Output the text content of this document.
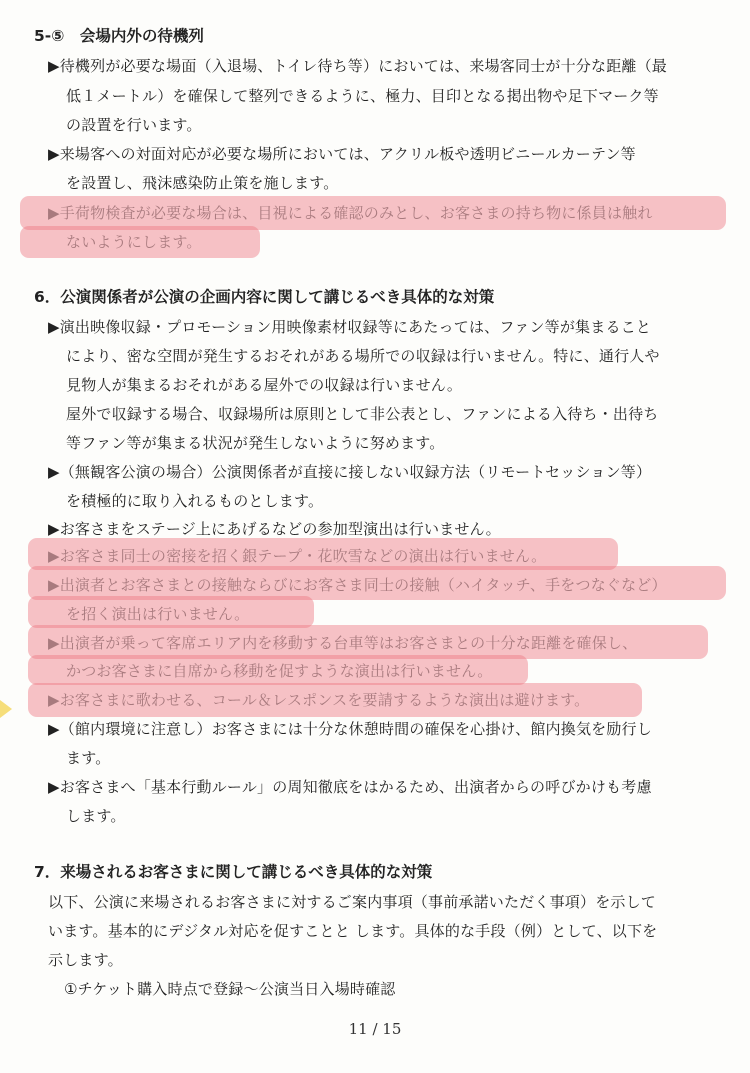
5-⑤　会場内外の待機列
▶待機列が必要な場面（入退場、トイレ待ち等）においては、来場客同士が十分な距離（最
低１メートル）を確保して整列できるように、極力、目印となる掲出物や足下マーク等
の設置を行います。
▶来場客への対面対応が必要な場所においては、アクリル板や透明ビニールカーテン等
を設置し、飛沫感染防止策を施します。
▶手荷物検査が必要な場合は、目視による確認のみとし、お客さまの持ち物に係員は触れ
ないようにします。
6．公演関係者が公演の企画内容に関して講じるべき具体的な対策
▶演出映像収録・プロモーション用映像素材収録等にあたっては、ファン等が集まること
により、密な空間が発生するおそれがある場所での収録は行いません。特に、通行人や
見物人が集まるおそれがある屋外での収録は行いません。
屋外で収録する場合、収録場所は原則として非公表とし、ファンによる入待ち・出待ち
等ファン等が集まる状況が発生しないように努めます。
▶（無観客公演の場合）公演関係者が直接に接しない収録方法（リモートセッション等）
を積極的に取り入れるものとします。
▶お客さまをステージ上にあげるなどの参加型演出は行いません。
▶お客さま同士の密接を招く銀テープ・花吹雪などの演出は行いません。
▶出演者とお客さまとの接触ならびにお客さま同士の接触（ハイタッチ、手をつなぐなど）
を招く演出は行いません。
▶出演者が乗って客席エリア内を移動する台車等はお客さまとの十分な距離を確保し、
かつお客さまに自席から移動を促すような演出は行いません。
▶お客さまに歌わせる、コール＆レスポンスを要請するような演出は避けます。
▶（館内環境に注意し）お客さまには十分な休憩時間の確保を心掛け、館内換気を励行し
ます。
▶お客さまへ「基本行動ルール」の周知徹底をはかるため、出演者からの呼びかけも考慮
します。
7．来場されるお客さまに関して講じるべき具体的な対策
以下、公演に来場されるお客さまに対するご案内事項（事前承諾いただく事項）を示して
います。基本的にデジタル対応を促すことと します。具体的な手段（例）として、以下を
示します。
①チケット購入時点で登録～公演当日入場時確認
11 / 15
